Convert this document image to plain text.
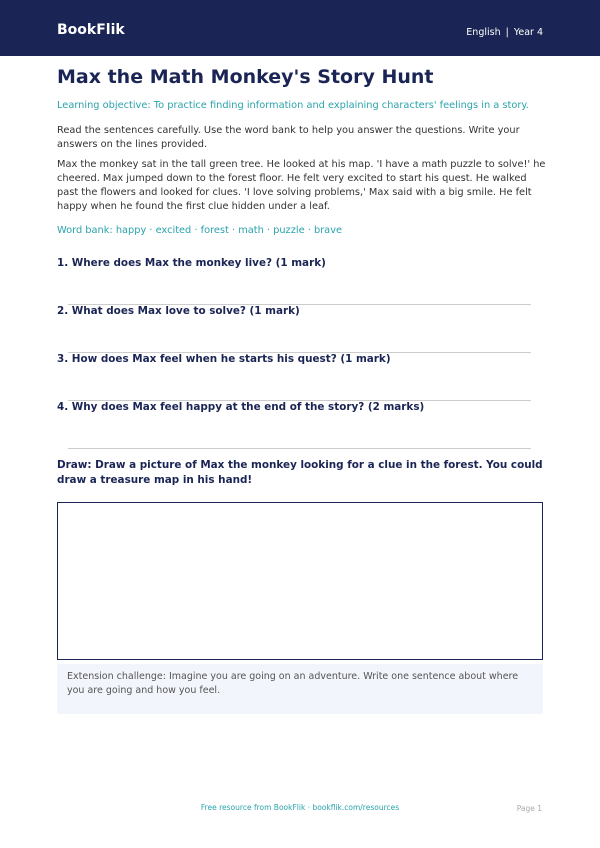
BookFlik	English | Year 4
Max the Math Monkey's Story Hunt
Learning objective: To practice finding information and explaining characters' feelings in a story.
Read the sentences carefully. Use the word bank to help you answer the questions. Write your answers on the lines provided.
Max the monkey sat in the tall green tree. He looked at his map. 'I have a math puzzle to solve!' he cheered. Max jumped down to the forest floor. He felt very excited to start his quest. He walked past the flowers and looked for clues. 'I love solving problems,' Max said with a big smile. He felt happy when he found the first clue hidden under a leaf.
Word bank: happy · excited · forest · math · puzzle · brave
1. Where does Max the monkey live? (1 mark)
2. What does Max love to solve? (1 mark)
3. How does Max feel when he starts his quest? (1 mark)
4. Why does Max feel happy at the end of the story? (2 marks)
Draw: Draw a picture of Max the monkey looking for a clue in the forest. You could draw a treasure map in his hand!
Extension challenge: Imagine you are going on an adventure. Write one sentence about where you are going and how you feel.
Free resource from BookFlik · bookflik.com/resources	Page 1
